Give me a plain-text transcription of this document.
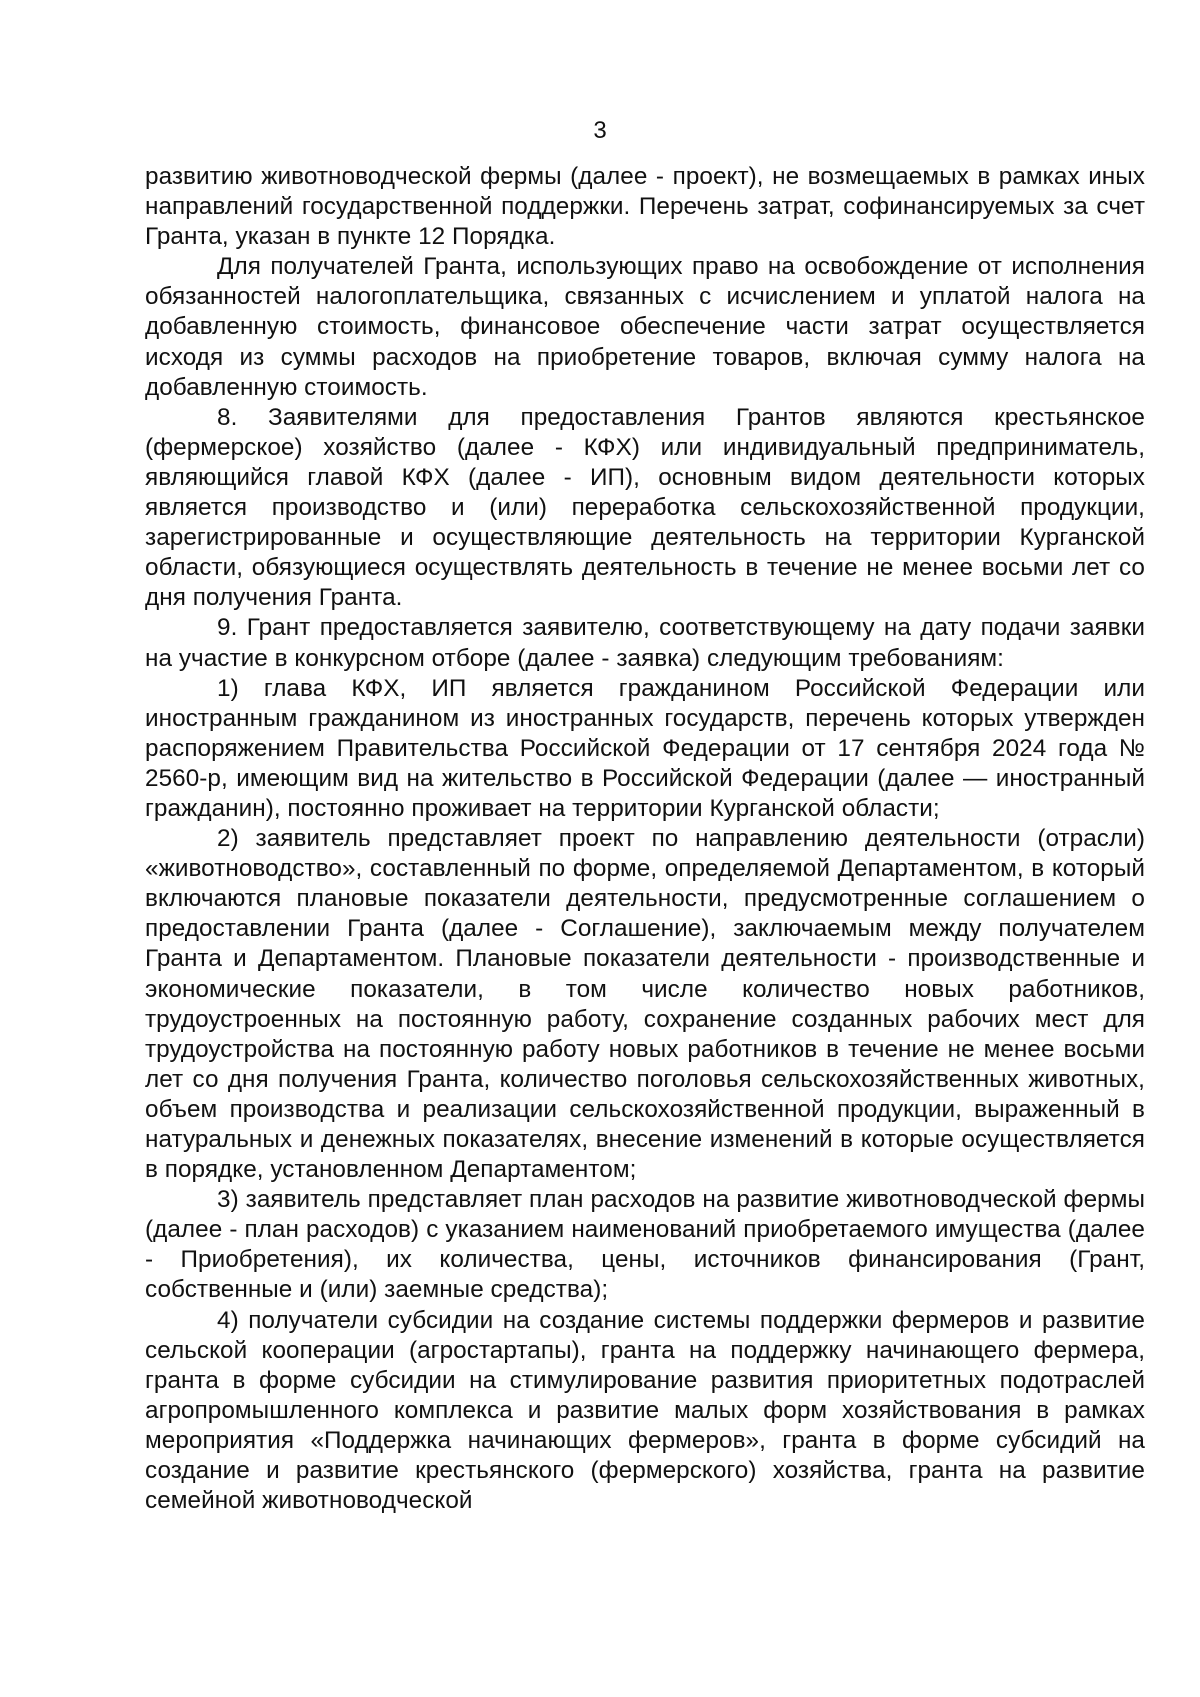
3

развитию животноводческой фермы (далее - проект), не возмещаемых в рамках иных направлений государственной поддержки. Перечень затрат, софинансируемых за счет Гранта, указан в пункте 12 Порядка.

Для получателей Гранта, использующих право на освобождение от исполнения обязанностей налогоплательщика, связанных с исчислением и уплатой налога на добавленную стоимость, финансовое обеспечение части затрат осуществляется исходя из суммы расходов на приобретение товаров, включая сумму налога на добавленную стоимость.

8. Заявителями для предоставления Грантов являются крестьянское (фермерское) хозяйство (далее - КФХ) или индивидуальный предприниматель, являющийся главой КФХ (далее - ИП), основным видом деятельности которых является производство и (или) переработка сельскохозяйственной продукции, зарегистрированные и осуществляющие деятельность на территории Курганской области, обязующиеся осуществлять деятельность в течение не менее восьми лет со дня получения Гранта.

9. Грант предоставляется заявителю, соответствующему на дату подачи заявки на участие в конкурсном отборе (далее - заявка) следующим требованиям:

1) глава КФХ, ИП является гражданином Российской Федерации или иностранным гражданином из иностранных государств, перечень которых утвержден распоряжением Правительства Российской Федерации от 17 сентября 2024 года № 2560-р, имеющим вид на жительство в Российской Федерации (далее — иностранный гражданин), постоянно проживает на территории Курганской области;

2) заявитель представляет проект по направлению деятельности (отрасли) «животноводство», составленный по форме, определяемой Департаментом, в который включаются плановые показатели деятельности, предусмотренные соглашением о предоставлении Гранта (далее - Соглашение), заключаемым между получателем Гранта и Департаментом. Плановые показатели деятельности - производственные и экономические показатели, в том числе количество новых работников, трудоустроенных на постоянную работу, сохранение созданных рабочих мест для трудоустройства на постоянную работу новых работников в течение не менее восьми лет со дня получения Гранта, количество поголовья сельскохозяйственных животных, объем производства и реализации сельскохозяйственной продукции, выраженный в натуральных и денежных показателях, внесение изменений в которые осуществляется в порядке, установленном Департаментом;

3) заявитель представляет план расходов на развитие животноводческой фермы (далее - план расходов) с указанием наименований приобретаемого имущества (далее - Приобретения), их количества, цены, источников финансирования (Грант, собственные и (или) заемные средства);

4) получатели субсидии на создание системы поддержки фермеров и развитие сельской кооперации (агростартапы), гранта на поддержку начинающего фермера, гранта в форме субсидии на стимулирование развития приоритетных подотраслей агропромышленного комплекса и развитие малых форм хозяйствования в рамках мероприятия «Поддержка начинающих фермеров», гранта в форме субсидий на создание и развитие крестьянского (фермерского) хозяйства, гранта на развитие семейной животноводческой
